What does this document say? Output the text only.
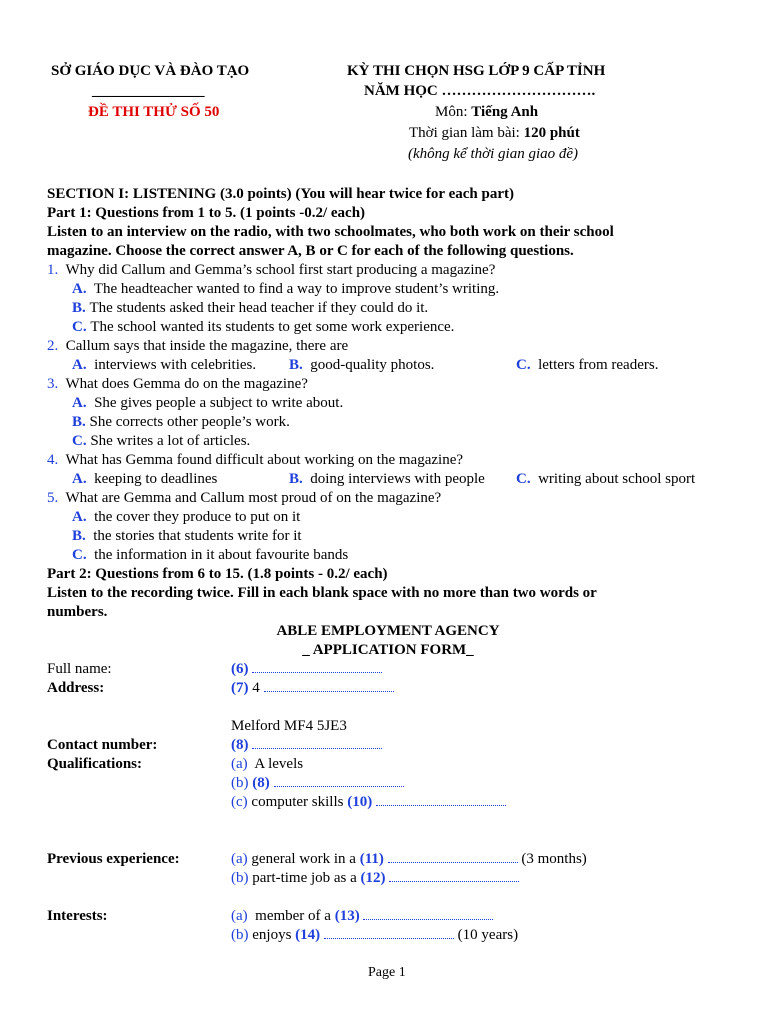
SỞ GIÁO DỤC VÀ ĐÀO TẠO
_______________
ĐỀ THI THỬ SỐ 50
KỲ THI CHỌN HSG LỚP 9 CẤP TỈNH
NĂM HỌC ………………………….
Môn: Tiếng Anh
Thời gian làm bài: 120 phút
(không kể thời gian giao đề)
SECTION I: LISTENING (3.0 points) (You will hear twice for each part)
Part 1: Questions from 1 to 5. (1 points -0.2/ each)
Listen to an interview on the radio, with two schoolmates, who both work on their school
magazine. Choose the correct answer A, B or C for each of the following questions.
1. Why did Callum and Gemma’s school first start producing a magazine?
A.  The headteacher wanted to find a way to improve student’s writing.
B. The students asked their head teacher if they could do it.
C. The school wanted its students to get some work experience.
2. Callum says that inside the magazine, there are
A. interviews with celebrities. B. good-quality photos.	C. letters from readers.
3. What does Gemma do on the magazine?
A. She gives people a subject to write about.
B. She corrects other people’s work.
C. She writes a lot of articles.
4. What has Gemma found difficult about working on the magazine?
A. keeping to deadlines	B. doing interviews with people C. writing about school sport
5. What are Gemma and Callum most proud of on the magazine?
A. the cover they produce to put on it
B. the stories that students write for it
C. the information in it about favourite bands
Part 2: Questions from 6 to 15. (1.8 points - 0.2/ each)
Listen to the recording twice. Fill in each blank space with no more than two words or
numbers.
ABLE EMPLOYMENT AGENCY
_ APPLICATION FORM_
Full name:	(6)
Address:	(7) 4
Melford MF4 5JE3
Contact number:	(8)
Qualifications:	(a) A levels
(b) (8)
(c) computer skills (10)
Previous experience:	(a) general work in a (11)	(3 months)
(b) part-time job as a (12)
Interests:	(a) member of a (13)
(b) enjoys (14)	(10 years)
Page 1
